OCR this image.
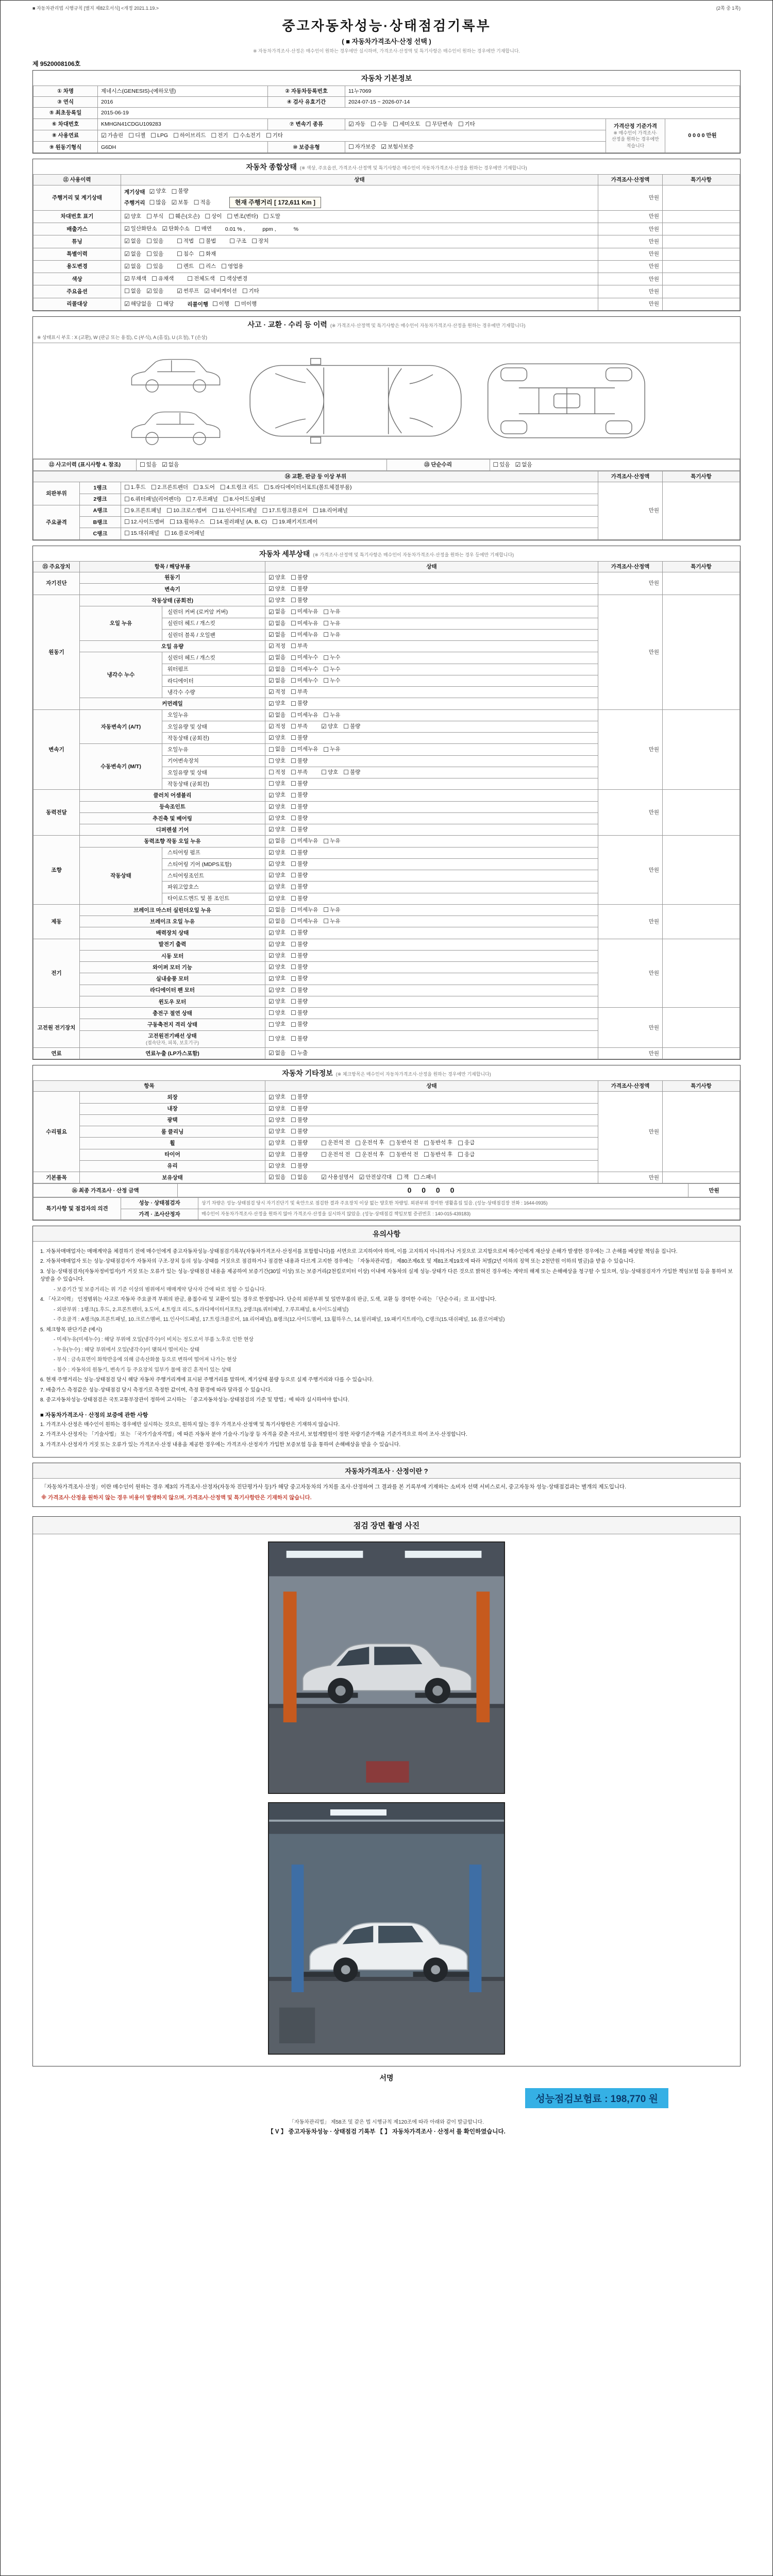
■ 자동차관리법 시행규칙 [별지 제82호서식] <개정 2021.1.19.>	(2쪽 중 1쪽)
중고자동차성능·상태점검기록부
( ■ 자동차가격조사·산정 선택 )
※ 자동차가격조사·산정은 매수인이 원하는 경우에만 실시하며, 가격조사·산정액 및 특기사항은 매수인이 원하는 경우에만 기재합니다.
제 9520008106호
자동차 기본정보
① 차명	제네시스(GENESIS)-(예하모델)	② 자동차등록번호	11누7069		
③ 연식	2016	④ 검사 유효기간	2024-07-15 ~ 2026-07-14		
⑤ 최초등록일	2015-06-19				
⑥ 차대번호	KMHGN41CDGU109283	⑦ 변속기 종류	☑ 자동 ☐ 수동 ☐ 세미오토 ☐ 무단변속 ☐ 기타	가격산정 기준가격
※ 매수인이 가격조사·산정을 원하는 경우에만 적습니다
	0 0 0 0 만원
⑧ 사용연료	☑ 가솔린 ☐ 디젤 ☐ LPG ☐ 하이브리드 ☐ 전기 ☐ 수소전기 ☐ 기타

⑨ 원동기형식	G6DH	⑩ 보증유형	☐ 자가보증 ☑ 보험사보증		
자동차 종합상태 (※ 색상, 주요옵션, 가격조사·산정액 및 특기사항은 매수인이 자동차가격조사·산정을 원하는 경우에만 기재합니다)
⑪ 사용이력	상태	가격조사·산정액	특기사항
주행거리 및 계기상태	
계기상태 ☑ 양호 ☐ 불량
주행거리 ☐ 많음 ☑ 보통 ☐ 적음	현재 주행거리 [ 172,611 Km ]
	만원	
차대번호 표기	☑ 양호 ☐ 부식 ☐ 훼손(오손) ☐ 상이 ☐ 변조(변타) ☐ 도말	만원	
배출가스	☑ 일산화탄소 ☑ 탄화수소 ☐ 매연 0.01 % ,	ppm ,	%	만원	
튜닝	☑ 없음 ☐ 있음 ☐ 적법 ☐ 불법 ☐ 구조 ☐ 장치	만원	
특별이력	☑ 없음 ☐ 있음 ☐ 침수 ☐ 화재	만원	
용도변경	☑ 없음 ☐ 있음 ☐ 렌트 ☐ 리스 ☐ 영업용	만원	
색상	☑ 무채색 ☐ 유채색 ☐ 전체도색 ☐ 색상변경	만원	
주요옵션	☐ 없음 ☑ 있음 ☑ 썬루프 ☑ 네비게이션 ☐ 기타	만원	
리콜대상	☑ 해당없음 ☐ 해당 리콜이행 ☐ 이행 ☐ 미이행	만원	
사고 · 교환 · 수리 등 이력 (※ 가격조사·산정액 및 특기사항은 매수인이 자동차가격조사·산정을 원하는 경우에만 기재합니다)
※ 상태표시 부호 : X (교환), W (판금 또는 용접), C (부식), A (흠집), U (요철), T (손상)
⑫ 사고이력 (표시사항 4. 참조)	☐ 있음 ☑ 없음	⑬ 단순수리	☐ 있음 ☑ 없음
⑭ 교환, 판금 등 이상 부위			가격조사·산정액	특기사항
외판부위	1랭크	☐ 1.후드 ☐ 2.프론트펜더 ☐ 3.도어 ☐ 4.트렁크 리드 ☐ 5.라디에이터서포트(볼트체결부품)
	만원	
2랭크	☐ 6.쿼터패널(리어펜더) ☐ 7.루프패널 ☐ 8.사이드실패널

주요골격	A랭크	☐ 9.프론트패널 ☐ 10.크로스멤버 ☐ 11.인사이드패널 ☐ 17.트렁크플로어 ☐ 18.리어패널

B랭크	☐ 12.사이드멤버 ☐ 13.휠하우스 ☐ 14.필러패널 (A, B, C) ☐ 19.패키지트레이

	C랭크	☐ 15.대쉬패널 ☐ 16.플로어패널		
자동차 세부상태 (※ 가격조사·산정액 및 특기사항은 매수인이 자동차가격조사·산정을 원하는 경우 등에만 기재합니다)
⑮ 주요장치	항목 / 해당부품		상태	가격조사·산정액	특기사항
자기진단	원동기		☑ 양호 ☐ 불량	만원	
	변속기		☑ 양호 ☐ 불량		

원동기	작동상태 (공회전)		☑ 양호 ☐ 불량	만원	
오일 누유	실린더 커버 (로커암 커버)	☑ 없음 ☐ 미세누유 ☐ 누유

실린더 헤드 / 개스킷	☑ 없음 ☐ 미세누유 ☐ 누유

실린더 블록 / 오일팬	☑ 없음 ☐ 미세누유 ☐ 누유

	오일 유량		☑ 적정 ☐ 부족		

냉각수 누수	실린더 헤드 / 개스킷	☑ 없음 ☐ 미세누수 ☐ 누수

워터펌프	☑ 없음 ☐ 미세누수 ☐ 누수

라디에이터	☑ 없음 ☐ 미세누수 ☐ 누수

		냉각수 수량	☑ 적정 ☐ 부족		

	커먼레일		☑ 양호 ☐ 불량		

변속기	자동변속기 (A/T)	오일누유	☑ 없음 ☐ 미세누유 ☐ 누유
	만원	
오일유량 및 상태	☑ 적정 ☐ 부족 ☑ 양호 ☐ 불량

		작동상태 (공회전)	☑ 양호 ☐ 불량		

수동변속기 (M/T)	오일누유	☐ 없음 ☐ 미세누유 ☐ 누유

		기어변속장치	☐ 양호 ☐ 불량		

오일유량 및 상태	☐ 적정 ☐ 부족 ☐ 양호 ☐ 불량

		작동상태 (공회전)	☐ 양호 ☐ 불량		

동력전달	클러치 어셈블리		☑ 양호 ☐ 불량	만원	
	등속조인트		☑ 양호 ☐ 불량		

	추진축 및 베어링		☑ 양호 ☐ 불량		

	디퍼렌셜 기어		☑ 양호 ☐ 불량		

조향	동력조향 작동 오일 누유	☑ 없음 ☐ 미세누유 ☐ 누유
	만원	
	작동상태	스티어링 펌프	☑ 양호 ☐ 불량		

		스티어링 기어 (MDPS포함)	☑ 양호 ☐ 불량		

		스티어링조인트	☑ 양호 ☐ 불량		

		파워고압호스	☑ 양호 ☐ 불량		

		타이로드엔드 및 볼 조인트	☑ 양호 ☐ 불량		

제동	브레이크 마스터 실린더오일 누유	☑ 없음 ☐ 미세누유 ☐ 누유
	만원	
브레이크 오일 누유	☑ 없음 ☐ 미세누유 ☐ 누유

	배력장치 상태		☑ 양호 ☐ 불량		

전기	발전기 출력		☑ 양호 ☐ 불량	만원	
	시동 모터		☑ 양호 ☐ 불량		

	와이퍼 모터 기능		☑ 양호 ☐ 불량		

	실내송풍 모터		☑ 양호 ☐ 불량		

	라디에이터 팬 모터		☑ 양호 ☐ 불량		

	윈도우 모터		☑ 양호 ☐ 불량		

고전원 전기장치	충전구 절연 상태		☐ 양호 ☐ 불량	만원	
	구동축전지 격리 상태		☐ 양호 ☐ 불량		

	고전원전기배선 상태
(접속단자, 피복, 보호기구)		☐ 양호 ☐ 불량		

연료	연료누출 (LP가스포함)		☑ 없음 ☐ 누출	만원	
자동차 기타정보 (※ 체크항목은 매수인이 자동차가격조사·산정을 원하는 경우에만 기재합니다)
항목		상태	가격조사·산정액	특기사항
수리필요	외장	☑ 양호 ☐ 불량	만원	
	내장	☑ 양호 ☐ 불량		

	광택	☑ 양호 ☐ 불량		

	룸 클리닝	☑ 양호 ☐ 불량		

휠	☑ 양호 ☐ 불량 ☐ 운전석 전 ☐ 운전석 후 ☐ 동반석 전 ☐ 동반석 후 ☐ 응급

타이어	☑ 양호 ☐ 불량 ☐ 운전석 전 ☐ 운전석 후 ☐ 동반석 전 ☐ 동반석 후 ☐ 응급

	유리	☑ 양호 ☐ 불량		

기본품목	보유상태	☑ 있음 ☐ 없음 ☑ 사용설명서 ☑ 안전삼각대 ☐ 잭 ☐ 스패너	만원	
⑯ 최종 가격조사 · 산정 금액	0 0 0 0	만원
특기사항 및 점검자의 의견	성능 · 상태점검자	상기 차량은 성능·상태점검 당시 자기진단기 및 육안으로 점검한 결과 주요장치 이상 없는 양호한 차량임. 외판부위 경미한 생활흠집 있음. (성능·상태점검장 전화 : 1644-0935)
	가격 · 조사산정자	매수인이 자동차가격조사·산정을 원하지 않아 가격조사·산정을 실시하지 않았음. (성능·상태점검 책임보험 증권번호 : 140-015-439183)
유의사항
1. 자동차매매업자는 매매계약을 체결하기 전에 매수인에게 중고자동차성능·상태점검기록부(자동차가격조사·산정서를 포함합니다)를 서면으로 고지하여야 하며, 이를 고지하지 아니하거나 거짓으로 고지함으로써 매수인에게 재산상 손해가 발생한 경우에는 그 손해를 배상할 책임을 집니다.
2. 자동차매매업자 또는 성능·상태점검자가 자동차의 구조·장치 등의 성능·상태를 거짓으로 점검하거나 점검한 내용과 다르게 고지한 경우에는 「자동차관리법」 제80조제6호 및 제81조제19호에 따라 처벌(2년 이하의 징역 또는 2천만원 이하의 벌금)을 받을 수 있습니다.
3. 성능·상태점검자(자동차정비업자)가 거짓 또는 오류가 있는 성능·상태점검 내용을 제공하여 보증기간(30일 이상) 또는 보증거리(2천킬로미터 이상) 이내에 자동차의 실제 성능·상태가 다른 것으로 밝혀진 경우에는 계약의 해제 또는 손해배상을 청구할 수 있으며, 성능·상태점검자가 가입한 책임보험 등을 통하여 보상받을 수 있습니다.
- 보증기간 및 보증거리는 위 기준 이상의 범위에서 매매계약 당사자 간에 따로 정할 수 있습니다.
4. 「사고이력」 인정범위는 사고로 자동차 주요골격 부위의 판금, 용접수리 및 교환이 있는 경우로 한정합니다. 단순히 외판부위 및 일반부품의 판금, 도색, 교환 등 경미한 수리는 「단순수리」로 표시합니다.
- 외판부위 : 1랭크(1.후드, 2.프론트펜더, 3.도어, 4.트렁크 리드, 5.라디에이터서포트), 2랭크(6.쿼터패널, 7.루프패널, 8.사이드실패널)
- 주요골격 : A랭크(9.프론트패널, 10.크로스멤버, 11.인사이드패널, 17.트렁크플로어, 18.리어패널), B랭크(12.사이드멤버, 13.휠하우스, 14.필러패널, 19.패키지트레이), C랭크(15.대쉬패널, 16.플로어패널)
5. 체크항목 판단기준 (예시)
- 미세누유(미세누수) : 해당 부위에 오일(냉각수)이 비치는 정도로서 부품 노후로 인한 현상
- 누유(누수) : 해당 부위에서 오일(냉각수)이 맺혀서 떨어지는 상태
- 부식 : 금속표면이 화학반응에 의해 금속산화물 등으로 변하여 떨어져 나가는 현상
- 침수 : 자동차의 원동기, 변속기 등 주요장치 일부가 물에 잠긴 흔적이 있는 상태
6. 현재 주행거리는 성능·상태점검 당시 해당 자동차 주행거리계에 표시된 주행거리를 말하며, 계기상태 불량 등으로 실제 주행거리와 다를 수 있습니다.
7. 배출가스 측정값은 성능·상태점검 당시 측정기로 측정한 값이며, 측정 환경에 따라 달라질 수 있습니다.
8. 중고자동차성능·상태점검은 국토교통부장관이 정하여 고시하는 「중고자동차성능·상태점검의 기준 및 방법」에 따라 실시하여야 합니다.
■ 자동차가격조사 · 산정의 보증에 관한 사항
1. 가격조사·산정은 매수인이 원하는 경우에만 실시하는 것으로, 원하지 않는 경우 가격조사·산정액 및 특기사항란은 기재하지 않습니다.
2. 가격조사·산정자는 「기술사법」 또는 「국가기술자격법」에 따른 자동차 분야 기술사·기능장 등 자격을 갖춘 자로서, 보험개발원이 정한 차량기준가액을 기준가격으로 하여 조사·산정합니다.
3. 가격조사·산정자가 거짓 또는 오류가 있는 가격조사·산정 내용을 제공한 경우에는 가격조사·산정자가 가입한 보증보험 등을 통하여 손해배상을 받을 수 있습니다.
자동차가격조사 · 산정이란 ?
「자동차가격조사·산정」이란 매수인이 원하는 경우 제3의 가격조사·산정자(자동차 진단평가사 등)가 해당 중고자동차의 가치를 조사·산정하여 그 결과를 본 기록부에 기재하는 소비자 선택 서비스로서, 중고자동차 성능·상태점검과는 별개의 제도입니다.
※ 가격조사·산정을 원하지 않는 경우 비용이 발생하지 않으며, 가격조사·산정액 및 특기사항란은 기재하지 않습니다.
점검 장면 촬영 사진
서명
성능점검보험료 : 198,770 원
「자동차관리법」 제58조 및 같은 법 시행규칙 제120조에 따라 아래와 같이 발급합니다.
【 V 】 중고자동차성능 · 상태점검 기록부 【 】 자동차가격조사 · 산정서 를 확인하였습니다.
